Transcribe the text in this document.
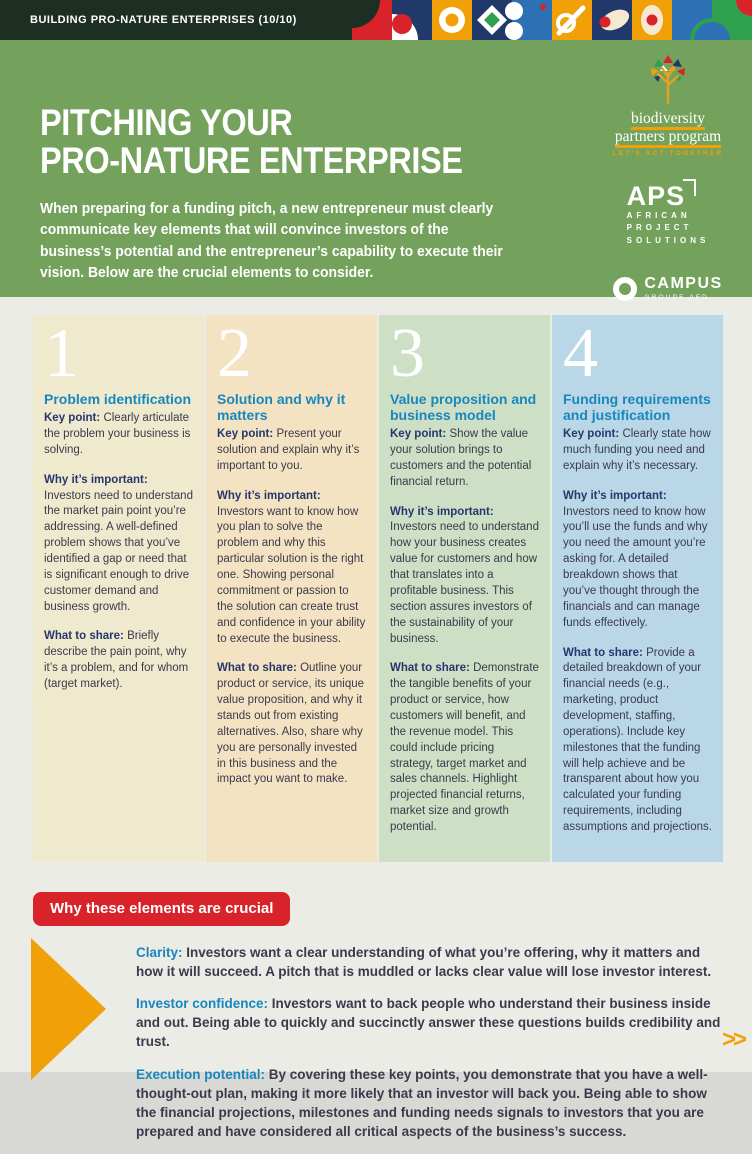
BUILDING PRO-NATURE ENTERPRISES (10/10)
PITCHING YOUR
PRO-NATURE ENTERPRISE

When preparing for a funding pitch, a new entrepreneur must clearly communicate key elements that will convince investors of the business’s potential and the entrepreneur’s capability to execute their vision. Below are the crucial elements to consider.

biodiversity
partners program
LET'S ACT TOGETHER
APS
AFRICAN
PROJECT
SOLUTIONS
CAMPUS
GROUPE AFD
1
Problem identification

Key point: Clearly articulate the problem your business is solving.

Why it’s important: Investors need to understand the market pain point you’re addressing. A well-defined problem shows that you’ve identified a gap or need that is significant enough to drive customer demand and business growth.

What to share: Briefly describe the pain point, why it’s a problem, and for whom (target market).

2
Solution and why it matters

Key point: Present your solution and explain why it’s important to you.

Why it’s important: Investors want to know how you plan to solve the problem and why this particular solution is the right one. Showing personal commitment or passion to the solution can create trust and confidence in your ability to execute the business.

What to share: Outline your product or service, its unique value proposition, and why it stands out from existing alternatives. Also, share why you are personally invested in this business and the impact you want to make.

3
Value proposition and business model

Key point: Show the value your solution brings to customers and the potential financial return.

Why it’s important: Investors need to understand how your business creates value for customers and how that translates into a profitable business. This section assures investors of the sustainability of your business.

What to share: Demonstrate the tangible benefits of your product or service, how customers will benefit, and the revenue model. This could include pricing strategy, target market and sales channels. Highlight projected financial returns, market size and growth potential.

4
Funding requirements and justification

Key point: Clearly state how much funding you need and explain why it’s necessary.

Why it’s important: Investors need to know how you’ll use the funds and why you need the amount you’re asking for. A detailed breakdown shows that you’ve thought through the financials and can manage funds effectively.

What to share: Provide a detailed breakdown of your financial needs (e.g., marketing, product development, staffing, operations). Include key milestones that the funding will help achieve and be transparent about how you calculated your funding requirements, including assumptions and projections.

Why these elements are crucial

Clarity: Investors want a clear understanding of what you’re offering, why it matters and how it will succeed. A pitch that is muddled or lacks clear value will lose investor interest.

Investor confidence: Investors want to back people who understand their business inside and out. Being able to quickly and succinctly answer these questions builds credibility and trust.

Execution potential: By covering these key points, you demonstrate that you have a well-thought-out plan, making it more likely that an investor will back you. Being able to show the financial projections, milestones and funding needs signals to investors that you are prepared and have considered all critical aspects of the business’s success.

>>
